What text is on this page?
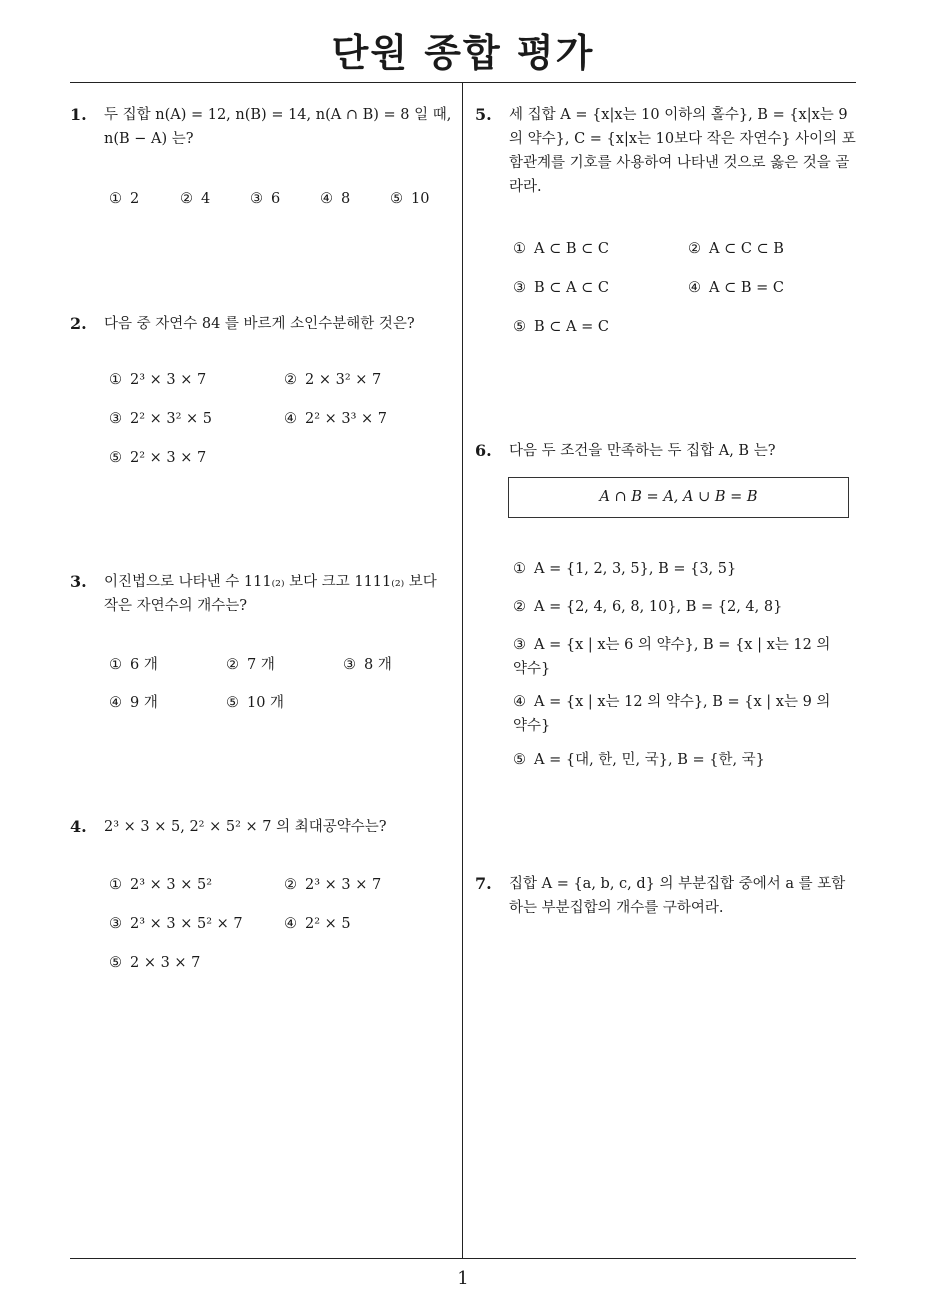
단원 종합 평가
1
1. 두 집합 n(A) = 12, n(B) = 14, n(A ∩ B) = 8 일 때, n(B − A) 는?
① 2	② 4	③ 6	④ 8	⑤ 10
2. 다음 중 자연수 84 를 바르게 소인수분해한 것은?
① 2³ × 3 × 7	② 2 × 3² × 7
③ 2² × 3² × 5	④ 2² × 3³ × 7
⑤ 2² × 3 × 7
3. 이진법으로 나타낸 수 111₍₂₎ 보다 크고 1111₍₂₎ 보다 작은 자연수의 개수는?
① 6 개	② 7 개	③ 8 개
④ 9 개	⑤ 10 개
4. 2³ × 3 × 5, 2² × 5² × 7 의 최대공약수는?
① 2³ × 3 × 5²	② 2³ × 3 × 7
③ 2³ × 3 × 5² × 7	④ 2² × 5
⑤ 2 × 3 × 7
5. 세 집합 A = {x|x는 10 이하의 홀수}, B = {x|x는 9의 약수}, C = {x|x는 10보다 작은 자연수} 사이의 포함관계를 기호를 사용하여 나타낸 것으로 옳은 것을 골라라.
① A ⊂ B ⊂ C	② A ⊂ C ⊂ B
③ B ⊂ A ⊂ C	④ A ⊂ B = C
⑤ B ⊂ A = C
6. 다음 두 조건을 만족하는 두 집합 A, B 는?
A ∩ B = A, A ∪ B = B
① A = {1, 2, 3, 5}, B = {3, 5}
② A = {2, 4, 6, 8, 10}, B = {2, 4, 8}
③ A = {x | x는 6 의 약수}, B = {x | x는 12 의 약수}
④ A = {x | x는 12 의 약수}, B = {x | x는 9 의 약수}
⑤ A = {대, 한, 민, 국}, B = {한, 국}
7. 집합 A = {a, b, c, d} 의 부분집합 중에서 a 를 포함하는 부분집합의 개수를 구하여라.
